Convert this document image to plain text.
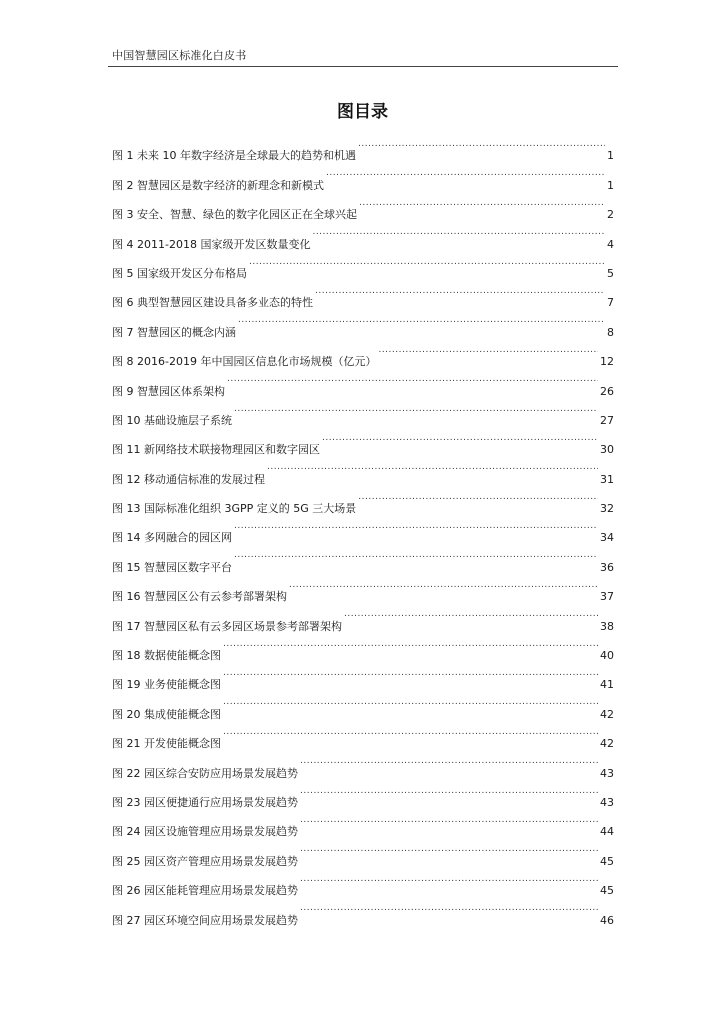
中国智慧园区标准化白皮书
图目录
图 1 未来 10 年数字经济是全球最大的趋势和机遇 .....	1
图 2 智慧园区是数字经济的新理念和新模式 .....	1
图 3 安全、智慧、绿色的数字化园区正在全球兴起 .....	2
图 4 2011-2018 国家级开发区数量变化 .....	4
图 5 国家级开发区分布格局 .....	5
图 6 典型智慧园区建设具备多业态的特性 .....	7
图 7 智慧园区的概念内涵 .....	8
图 8 2016-2019 年中国园区信息化市场规模（亿元） .....	12
图 9 智慧园区体系架构 .....	26
图 10 基础设施层子系统 .....	27
图 11 新网络技术联接物理园区和数字园区 .....	30
图 12 移动通信标准的发展过程 .....	31
图 13 国际标准化组织 3GPP 定义的 5G 三大场景 .....	32
图 14 多网融合的园区网 .....	34
图 15 智慧园区数字平台 .....	36
图 16 智慧园区公有云参考部署架构 .....	37
图 17 智慧园区私有云多园区场景参考部署架构 .....	38
图 18 数据使能概念图 .....	40
图 19 业务使能概念图 .....	41
图 20 集成使能概念图 .....	42
图 21 开发使能概念图 .....	42
图 22 园区综合安防应用场景发展趋势 .....	43
图 23 园区便捷通行应用场景发展趋势 .....	43
图 24 园区设施管理应用场景发展趋势 .....	44
图 25 园区资产管理应用场景发展趋势 .....	45
图 26 园区能耗管理应用场景发展趋势 .....	45
图 27 园区环境空间应用场景发展趋势 .....	46
